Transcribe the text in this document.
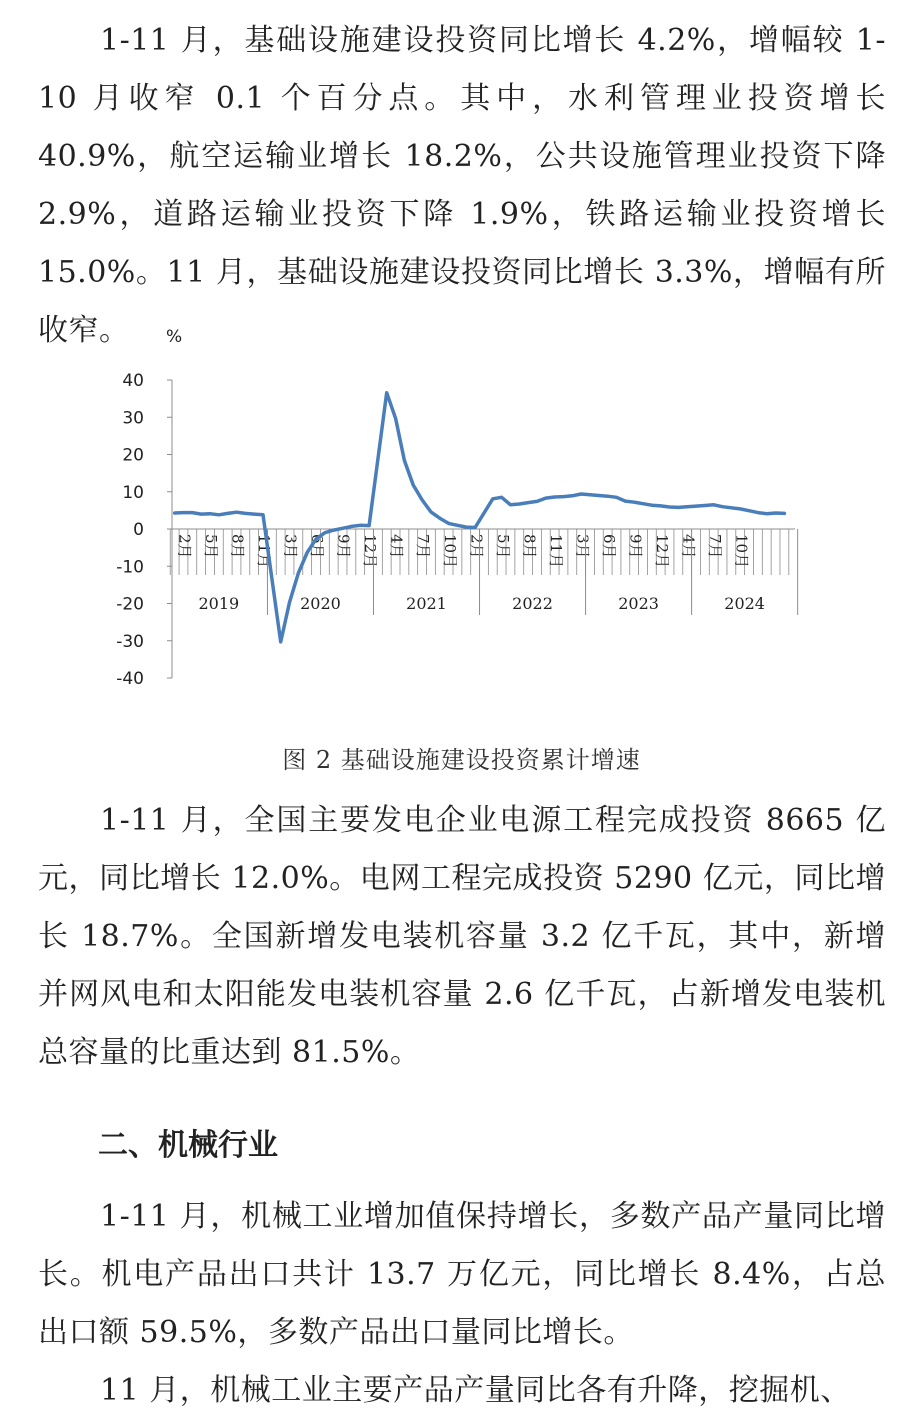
1-11 月，基础设施建设投资同比增长 4.2%，增幅较 1-10 月收窄 0.1 个百分点。其中，水利管理业投资增长 40.9%，航空运输业增长 18.2%，公共设施管理业投资下降 2.9%，道路运输业投资下降 1.9%，铁路运输业投资增长 15.0%。11 月，基础设施建设投资同比增长 3.3%，增幅有所收窄。	%
40
30
20
10
0
-10
-20
-30
-40
2月 5月 8月 11月 3月 6月 9月 12月 4月 7月 10月 2月 5月 8月 11月 3月 6月 9月 12月 4月 7月 10月
2019	2020	2021	2022	2023	2024
图 2 基础设施建设投资累计增速

1-11 月，全国主要发电企业电源工程完成投资 8665 亿元，同比增长 12.0%。电网工程完成投资 5290 亿元，同比增长 18.7%。全国新增发电装机容量 3.2 亿千瓦，其中，新增并网风电和太阳能发电装机容量 2.6 亿千瓦，占新增发电装机总容量的比重达到 81.5%。

二、机械行业

1-11 月，机械工业增加值保持增长，多数产品产量同比增长。机电产品出口共计 13.7 万亿元，同比增长 8.4%，占总出口额 59.5%，多数产品出口量同比增长。

11 月，机械工业主要产品产量同比各有升降，挖掘机、
